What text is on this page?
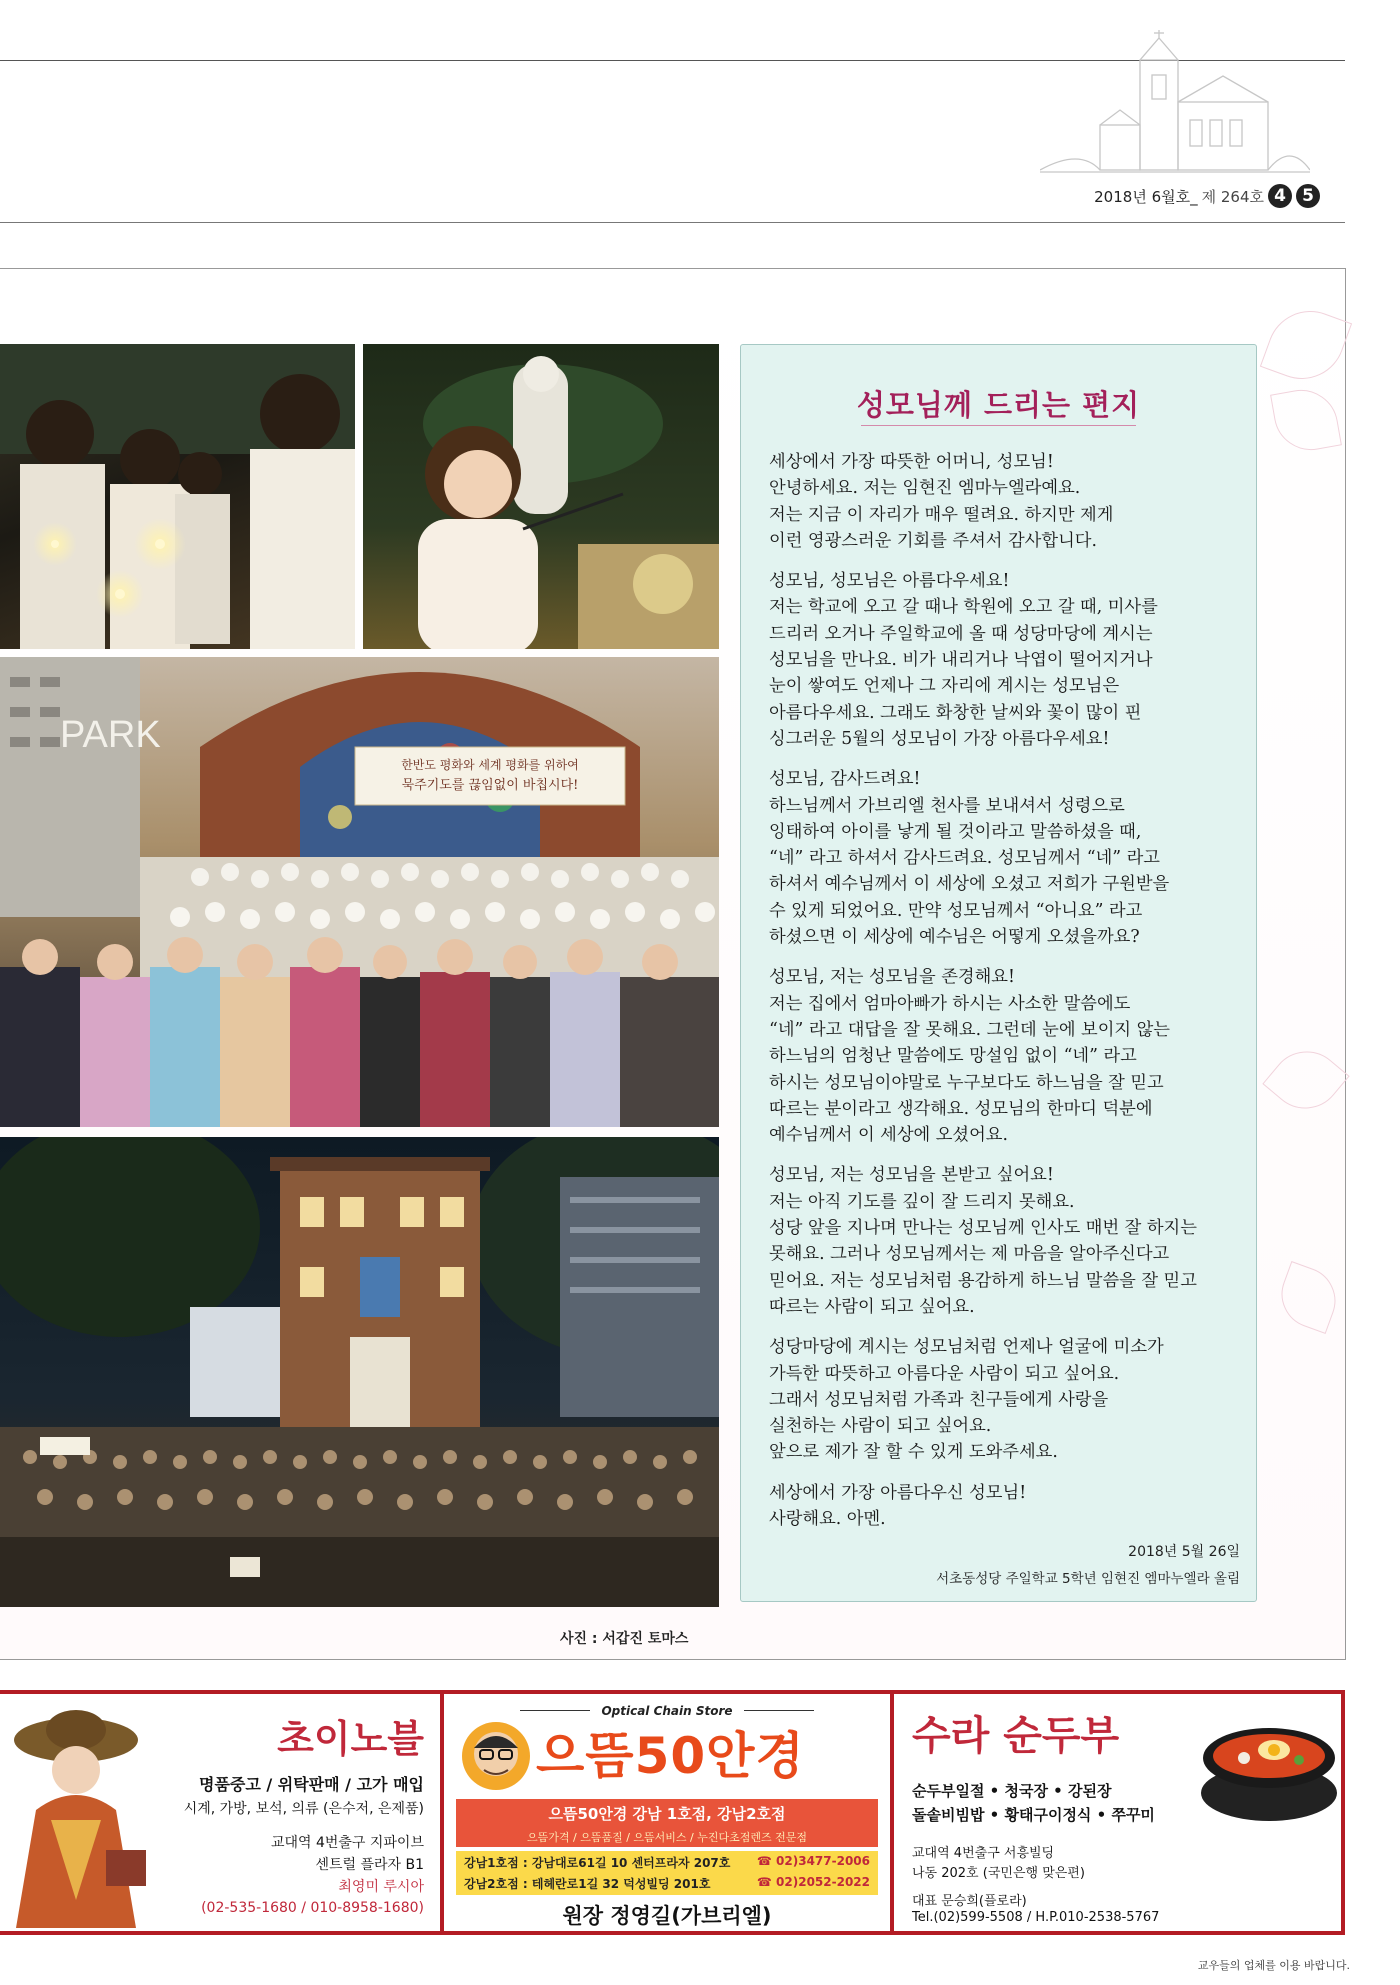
2018년 6월호_ 제 264호 4 5
PARK
한반도 평화와 세계 평화를 위하여
묵주기도를 끊임없이 바칩시다!
사진 : 서갑진 토마스
성모님께 드리는 편지
세상에서 가장 따뜻한 어머니, 성모님!
안녕하세요. 저는 임현진 엠마누엘라예요.
저는 지금 이 자리가 매우 떨려요. 하지만 제게
이런 영광스러운 기회를 주셔서 감사합니다.
성모님, 성모님은 아름다우세요!
저는 학교에 오고 갈 때나 학원에 오고 갈 때, 미사를
드리러 오거나 주일학교에 올 때 성당마당에 계시는
성모님을 만나요. 비가 내리거나 낙엽이 떨어지거나
눈이 쌓여도 언제나 그 자리에 계시는 성모님은
아름다우세요. 그래도 화창한 날씨와 꽃이 많이 핀
싱그러운 5월의 성모님이 가장 아름다우세요!
성모님, 감사드려요!
하느님께서 가브리엘 천사를 보내셔서 성령으로
잉태하여 아이를 낳게 될 것이라고 말씀하셨을 때,
“네” 라고 하셔서 감사드려요. 성모님께서 “네” 라고
하셔서 예수님께서 이 세상에 오셨고 저희가 구원받을
수 있게 되었어요. 만약 성모님께서 “아니요” 라고
하셨으면 이 세상에 예수님은 어떻게 오셨을까요?
성모님, 저는 성모님을 존경해요!
저는 집에서 엄마아빠가 하시는 사소한 말씀에도
“네” 라고 대답을 잘 못해요. 그런데 눈에 보이지 않는
하느님의 엄청난 말씀에도 망설임 없이 “네” 라고
하시는 성모님이야말로 누구보다도 하느님을 잘 믿고
따르는 분이라고 생각해요. 성모님의 한마디 덕분에
예수님께서 이 세상에 오셨어요.
성모님, 저는 성모님을 본받고 싶어요!
저는 아직 기도를 깊이 잘 드리지 못해요.
성당 앞을 지나며 만나는 성모님께 인사도 매번 잘 하지는
못해요. 그러나 성모님께서는 제 마음을 알아주신다고
믿어요. 저는 성모님처럼 용감하게 하느님 말씀을 잘 믿고
따르는 사람이 되고 싶어요.
성당마당에 계시는 성모님처럼 언제나 얼굴에 미소가
가득한 따뜻하고 아름다운 사람이 되고 싶어요.
그래서 성모님처럼 가족과 친구들에게 사랑을
실천하는 사람이 되고 싶어요.
앞으로 제가 잘 할 수 있게 도와주세요.
세상에서 가장 아름다우신 성모님!
사랑해요. 아멘.
2018년 5월 26일
서초동성당 주일학교 5학년 임현진 엠마누엘라 올림
초이노블
명품중고 / 위탁판매 / 고가 매입
시계, 가방, 보석, 의류 (은수저, 은제품)
교대역 4번출구 지파이브
센트럴 플라자 B1
최영미 루시아
(02-535-1680 / 010-8958-1680)
Optical Chain Store
으뜸50안경
으뜸50안경 강남 1호점, 강남2호점
으뜸가격 / 으뜸품질 / 으뜸서비스 / 누진다초점렌즈 전문점
강남1호점 : 강남대로61길 10 센터프라자 207호 ☎ 02)3477-2006
강남2호점 : 테헤란로1길 32 덕성빌딩 201호	☎ 02)2052-2022
원장 정영길(가브리엘)
수라 순두부
순두부일절 • 청국장 • 강된장
돌솥비빔밥 • 황태구이정식 • 쭈꾸미
교대역 4번출구 서흥빌딩
나동 202호 (국민은행 맞은편)
대표 문승희(플로라)
Tel.(02)599-5508 / H.P.010-2538-5767
교우들의 업체를 이용 바랍니다.
